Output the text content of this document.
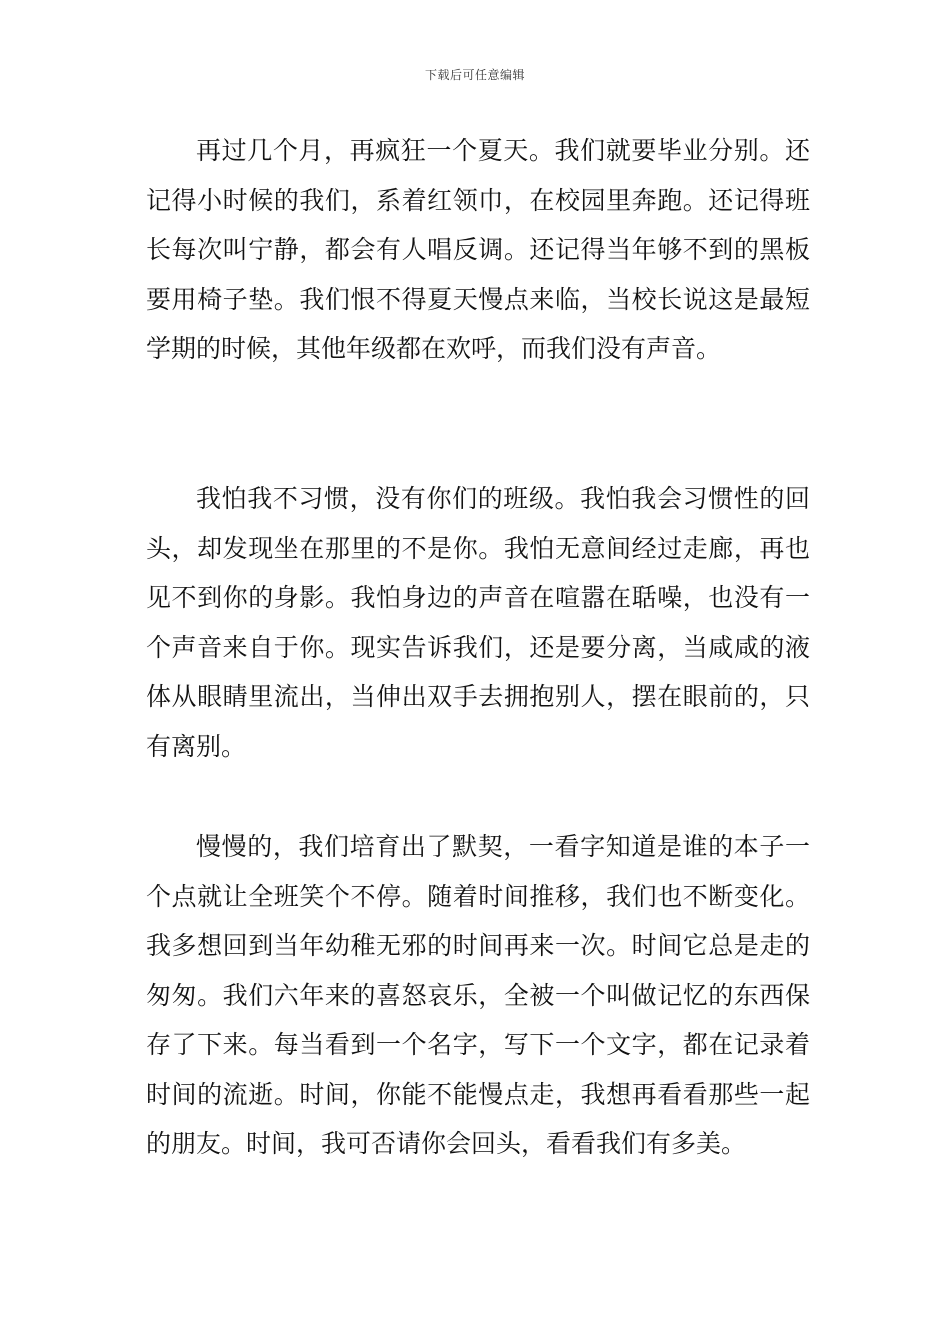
下载后可任意编辑

再过几个月，再疯狂一个夏天。我们就要毕业分别。还记得小时候的我们，系着红领巾，在校园里奔跑。还记得班长每次叫宁静，都会有人唱反调。还记得当年够不到的黑板要用椅子垫。我们恨不得夏天慢点来临，当校长说这是最短学期的时候，其他年级都在欢呼，而我们没有声音。

我怕我不习惯，没有你们的班级。我怕我会习惯性的回头，却发现坐在那里的不是你。我怕无意间经过走廊，再也见不到你的身影。我怕身边的声音在喧嚣在聒噪，也没有一个声音来自于你。现实告诉我们，还是要分离，当咸咸的液体从眼睛里流出，当伸出双手去拥抱别人，摆在眼前的，只有离别。

慢慢的，我们培育出了默契，一看字知道是谁的本子一个点就让全班笑个不停。随着时间推移，我们也不断变化。我多想回到当年幼稚无邪的时间再来一次。时间它总是走的匆匆。我们六年来的喜怒哀乐，全被一个叫做记忆的东西保存了下来。每当看到一个名字，写下一个文字，都在记录着时间的流逝。时间，你能不能慢点走，我想再看看那些一起的朋友。时间，我可否请你会回头，看看我们有多美。
